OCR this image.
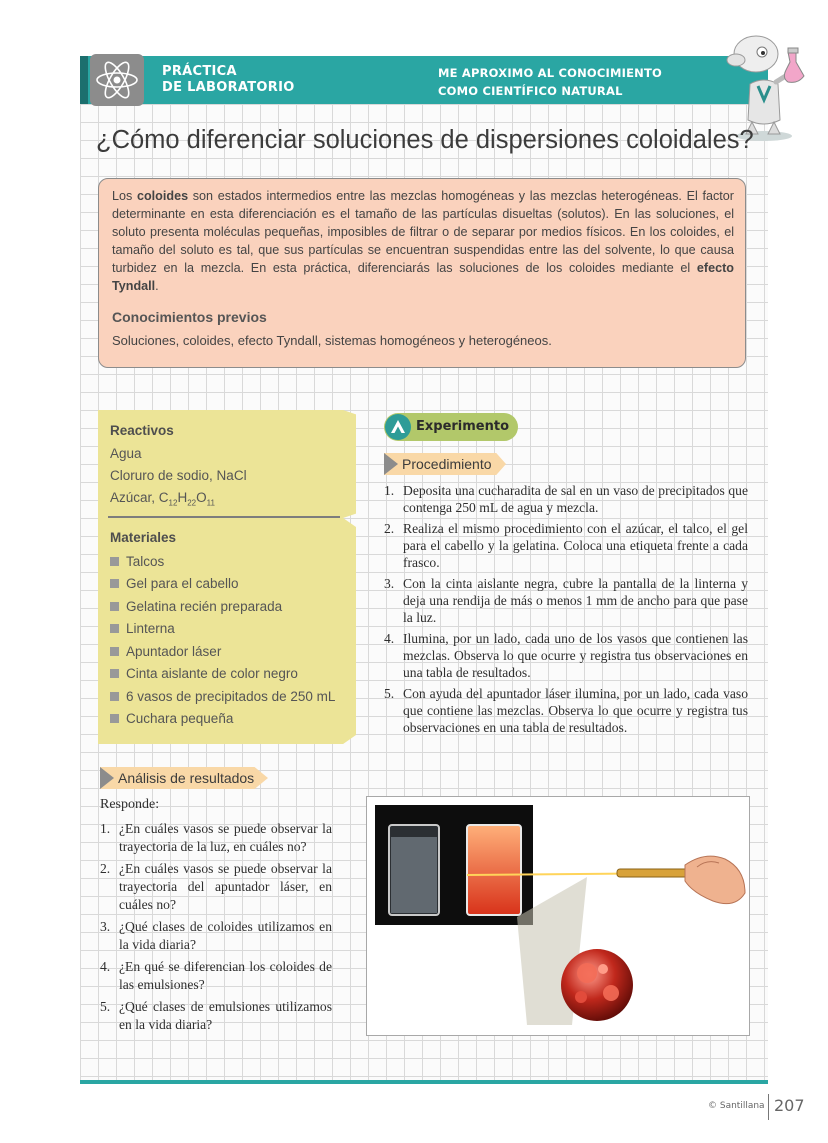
PRÁCTICA
DE LABORATORIO
ME APROXIMO AL CONOCIMIENTO
COMO CIENTÍFICO NATURAL
¿Cómo diferenciar soluciones de dispersiones coloidales?

Los coloides son estados intermedios entre las mezclas homogéneas y las mezclas heterogéneas. El factor determinante en esta diferenciación es el tamaño de las partículas disueltas (solutos). En las soluciones, el soluto presenta moléculas pequeñas, imposibles de filtrar o de separar por medios físicos. En los coloides, el tamaño del soluto es tal, que sus partículas se encuentran suspendidas entre las del solvente, lo que causa turbidez en la mezcla. En esta práctica, diferenciarás las soluciones de los coloides mediante el efecto Tyndall.

Conocimientos previos
Soluciones, coloides, efecto Tyndall, sistemas homogéneos y heterogéneos.
Reactivos
Agua
Cloruro de sodio, NaCl
Azúcar, $C_{12}H_{22}O_{11}$
Materiales
Talcos
Gel para el cabello
Gelatina recién preparada
Linterna
Apuntador láser
Cinta aislante de color negro
6 vasos de precipitados de 250 mL
Cuchara pequeña
Experimento
Procedimiento
1. Deposita una cucharadita de sal en un vaso de precipitados que contenga 250 mL de agua y mezcla.
2. Realiza el mismo procedimiento con el azúcar, el talco, el gel para el cabello y la gelatina. Coloca una etiqueta frente a cada frasco.
3. Con la cinta aislante negra, cubre la pantalla de la linterna y deja una rendija de más o menos 1 mm de ancho para que pase la luz.
4. Ilumina, por un lado, cada uno de los vasos que contienen las mezclas. Observa lo que ocurre y registra tus observaciones en una tabla de resultados.
5. Con ayuda del apuntador láser ilumina, por un lado, cada vaso que contiene las mezclas. Observa lo que ocurre y registra tus observaciones en una tabla de resultados.
Análisis de resultados
Responde:
1. ¿En cuáles vasos se puede observar la trayectoria de la luz, en cuáles no?
2. ¿En cuáles vasos se puede observar la trayectoria del apuntador láser, en cuáles no?
3. ¿Qué clases de coloides utilizamos en la vida diaria?
4. ¿En qué se diferencian los coloides de las emulsiones?
5. ¿Qué clases de emulsiones utilizamos en la vida diaria?
© Santillana 207
